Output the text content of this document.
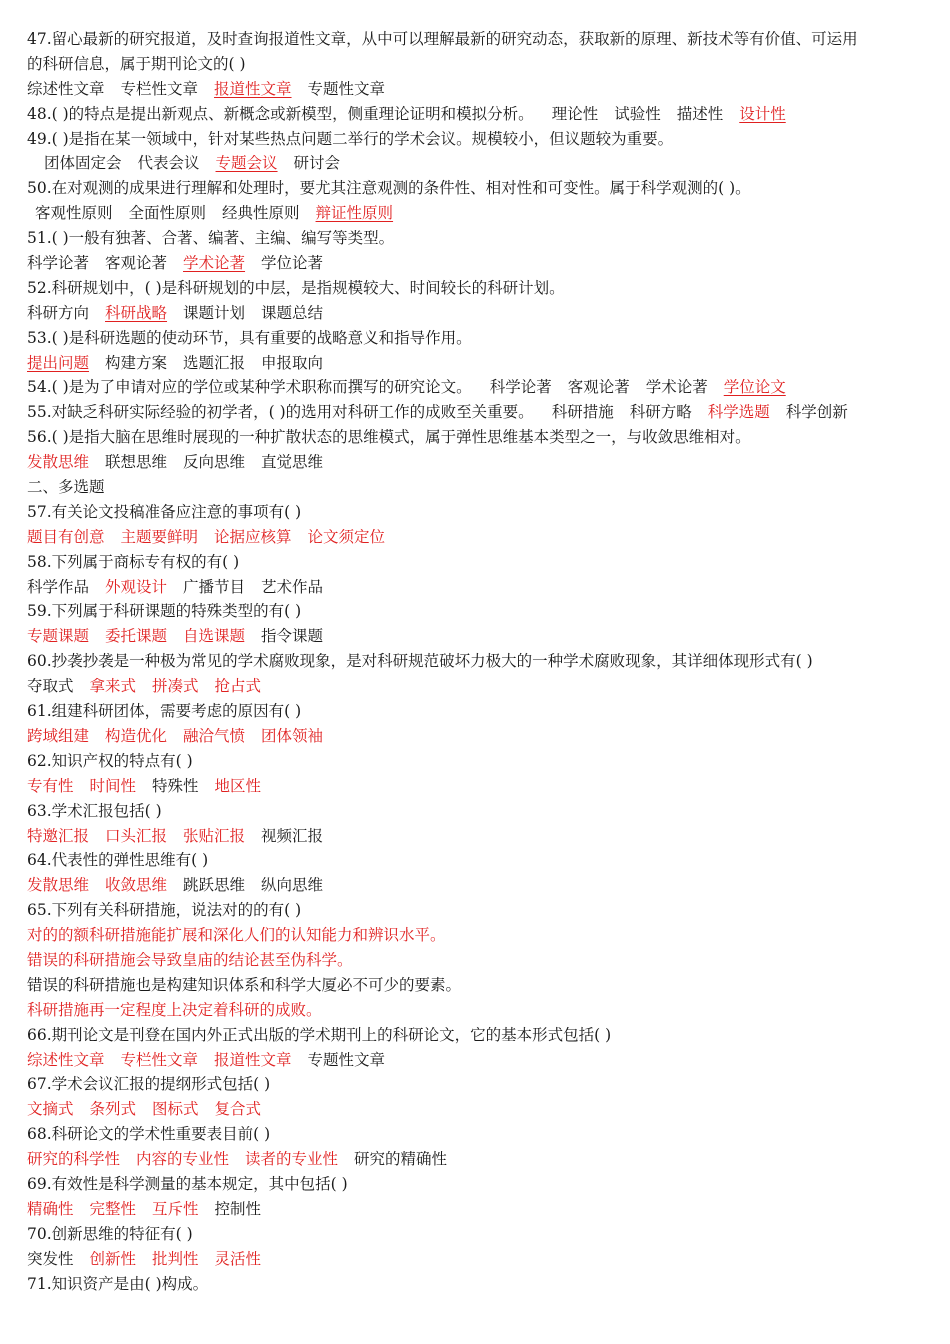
47.留心最新的研究报道，及时查询报道性文章，从中可以理解最新的研究动态，获取新的原理、新技术等有价值、可运用
的科研信息，属于期刊论文的( )
综述性文章 专栏性文章 报道性文章 专题性文章
48.( )的特点是提出新观点、新概念或新模型，侧重理论证明和模拟分析。 理论性 试验性 描述性 设计性
49.( )是指在某一领域中，针对某些热点问题二举行的学术会议。规模较小，但议题较为重要。
团体固定会 代表会议 专题会议 研讨会
50.在对观测的成果进行理解和处理时，要尤其注意观测的条件性、相对性和可变性。属于科学观测的( )。
客观性原则 全面性原则 经典性原则 辩证性原则
51.( )一般有独著、合著、编著、主编、编写等类型。
科学论著 客观论著 学术论著 学位论著
52.科研规划中，( )是科研规划的中层，是指规模较大、时间较长的科研计划。
科研方向 科研战略 课题计划 课题总结
53.( )是科研选题的使动环节，具有重要的战略意义和指导作用。
提出问题 构建方案 选题汇报 申报取向
54.( )是为了申请对应的学位或某种学术职称而撰写的研究论文。 科学论著 客观论著 学术论著 学位论文
55.对缺乏科研实际经验的初学者，( )的选用对科研工作的成败至关重要。 科研措施 科研方略 科学选题 科学创新
56.( )是指大脑在思维时展现的一种扩散状态的思维模式，属于弹性思维基本类型之一，与收敛思维相对。
发散思维 联想思维 反向思维 直觉思维
二、多选题
57.有关论文投稿准备应注意的事项有( )
题目有创意 主题要鲜明 论据应核算 论文须定位
58.下列属于商标专有权的有( )
科学作品 外观设计 广播节目 艺术作品
59.下列属于科研课题的特殊类型的有( )
专题课题 委托课题 自选课题 指令课题
60.抄袭抄袭是一种极为常见的学术腐败现象，是对科研规范破坏力极大的一种学术腐败现象，其详细体现形式有( )
夺取式 拿来式 拼凑式 抢占式
61.组建科研团体，需要考虑的原因有( )
跨域组建 构造优化 融洽气愤 团体领袖
62.知识产权的特点有( )
专有性 时间性 特殊性 地区性
63.学术汇报包括( )
特邀汇报 口头汇报 张贴汇报 视频汇报
64.代表性的弹性思维有( )
发散思维 收敛思维 跳跃思维 纵向思维
65.下列有关科研措施，说法对的的有( )
对的的额科研措施能扩展和深化人们的认知能力和辨识水平。
错误的科研措施会导致皇庙的结论甚至伪科学。
错误的科研措施也是构建知识体系和科学大厦必不可少的要素。
科研措施再一定程度上决定着科研的成败。
66.期刊论文是刊登在国内外正式出版的学术期刊上的科研论文，它的基本形式包括( )
综述性文章 专栏性文章 报道性文章 专题性文章
67.学术会议汇报的提纲形式包括( )
文摘式 条列式 图标式 复合式
68.科研论文的学术性重要表目前( )
研究的科学性 内容的专业性 读者的专业性 研究的精确性
69.有效性是科学测量的基本规定，其中包括( )
精确性 完整性 互斥性 控制性
70.创新思维的特征有( )
突发性 创新性 批判性 灵活性
71.知识资产是由( )构成。
